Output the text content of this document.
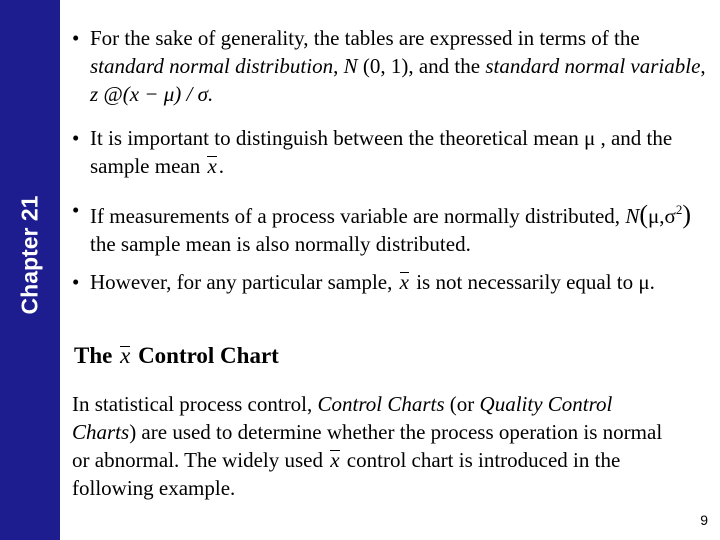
Chapter 21
• For the sake of generality, the tables are expressed in terms of the standard normal distribution, N (0, 1), and the standard normal variable, z @(x − μ) / σ.
• It is important to distinguish between the theoretical mean μ , and the sample mean x.
• If measurements of a process variable are normally distributed, $N(\mu,\sigma^2)$ the sample mean is also normally distributed.
• However, for any particular sample, x is not necessarily equal to μ.
The x Control Chart
In statistical process control, Control Charts (or Quality Control Charts) are used to determine whether the process operation is normal or abnormal. The widely used x control chart is introduced in the following example.
9
